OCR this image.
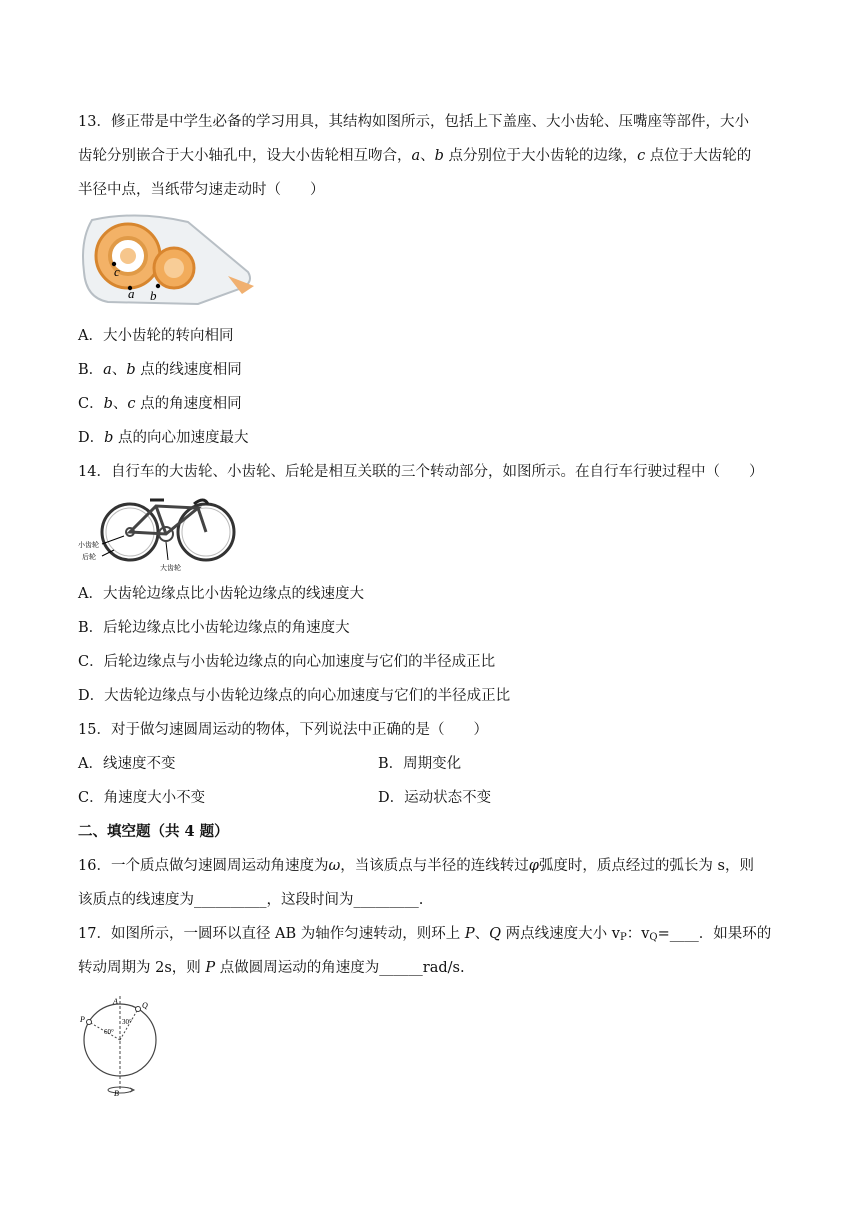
13．修正带是中学生必备的学习用具，其结构如图所示，包括上下盖座、大小齿轮、压嘴座等部件，大小
齿轮分别嵌合于大小轴孔中，设大小齿轮相互吻合，a、b 点分别位于大小齿轮的边缘，c 点位于大齿轮的
半径中点，当纸带匀速走动时（　　）
c
a b
A．大小齿轮的转向相同
B．a、b 点的线速度相同
C．b、c 点的角速度相同
D．b 点的向心加速度最大
14．自行车的大齿轮、小齿轮、后轮是相互关联的三个转动部分，如图所示。在自行车行驶过程中（　　）
小齿轮
后轮
大齿轮
A．大齿轮边缘点比小齿轮边缘点的线速度大
B．后轮边缘点比小齿轮边缘点的角速度大
C．后轮边缘点与小齿轮边缘点的向心加速度与它们的半径成正比
D．大齿轮边缘点与小齿轮边缘点的向心加速度与它们的半径成正比
15．对于做匀速圆周运动的物体，下列说法中正确的是（　　）
A．线速度不变	B．周期变化
C．角速度大小不变	D．运动状态不变
二、填空题（共 4 题）
16．一个质点做匀速圆周运动角速度为ω，当该质点与半径的连线转过φ弧度时，质点经过的弧长为 s，则
该质点的线速度为__________，这段时间为_________.
17．如图所示，一圆环以直径 AB 为轴作匀速转动，则环上 P、Q 两点线速度大小 $v_P$：$v_Q=\_\_\_\_$．如果环的
转动周期为 2s，则 P 点做圆周运动的角速度为______rad/s.
A
B
P
Q
60°
30°
